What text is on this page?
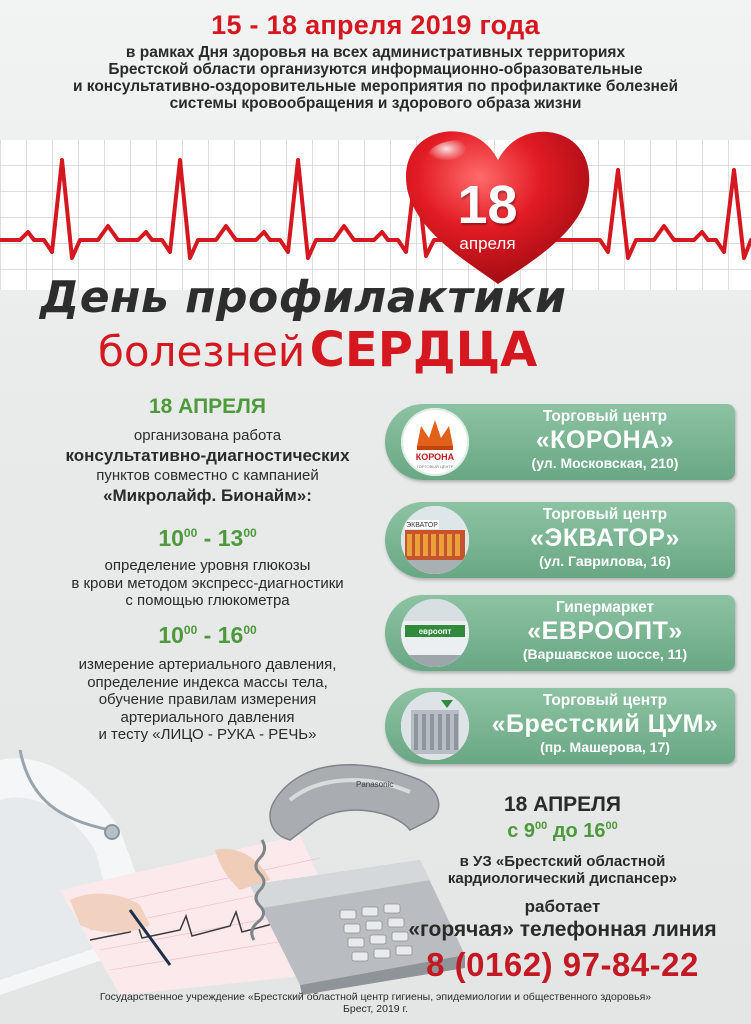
15 - 18 апреля 2019 года
в рамках Дня здоровья на всех административных территориях
Брестской области организуются информационно-образовательные
и консультативно-оздоровительные мероприятия по профилактике болезней
системы кровообращения и здорового образа жизни
18
апреля
День профилактики
болезней СЕРДЦА
18 АПРЕЛЯ
организована работа
консультативно-диагностических
пунктов совместно с кампанией
«Микролайф. Бионайм»:
$10^{00} - 13^{00}$
определение уровня глюкозы
в крови методом экспресс-диагностики
с помощью глюкометра
$10^{00} - 16^{00}$
измерение артериального давления,
определение индекса массы тела,
обучение правилам измерения
артериального давления
и тесту «ЛИЦО - РУКА - РЕЧЬ»
Panasonic
КОРОНА
ТОРГОВЫЙ ЦЕНТР
Торговый центр
«КОРОНА»
(ул. Московская, 210)
ЭКВАТОР
Торговый центр
«ЭКВАТОР»
(ул. Гаврилова, 16)
евроопт
Гипермаркет
«ЕВРООПТ»
(Варшавское шоссе, 11)
Торговый центр
«Брестский ЦУМ»
(пр. Машерова, 17)
18 АПРЕЛЯ
с $9^{00}$ до $16^{00}$
в УЗ «Брестский областной
кардиологический диспансер»
работает
«горячая» телефонная линия
8 (0162) 97-84-22
Государственное учреждение «Брестский областной центр гигиены, эпидемиологии и общественного здоровья»
Брест, 2019 г.
